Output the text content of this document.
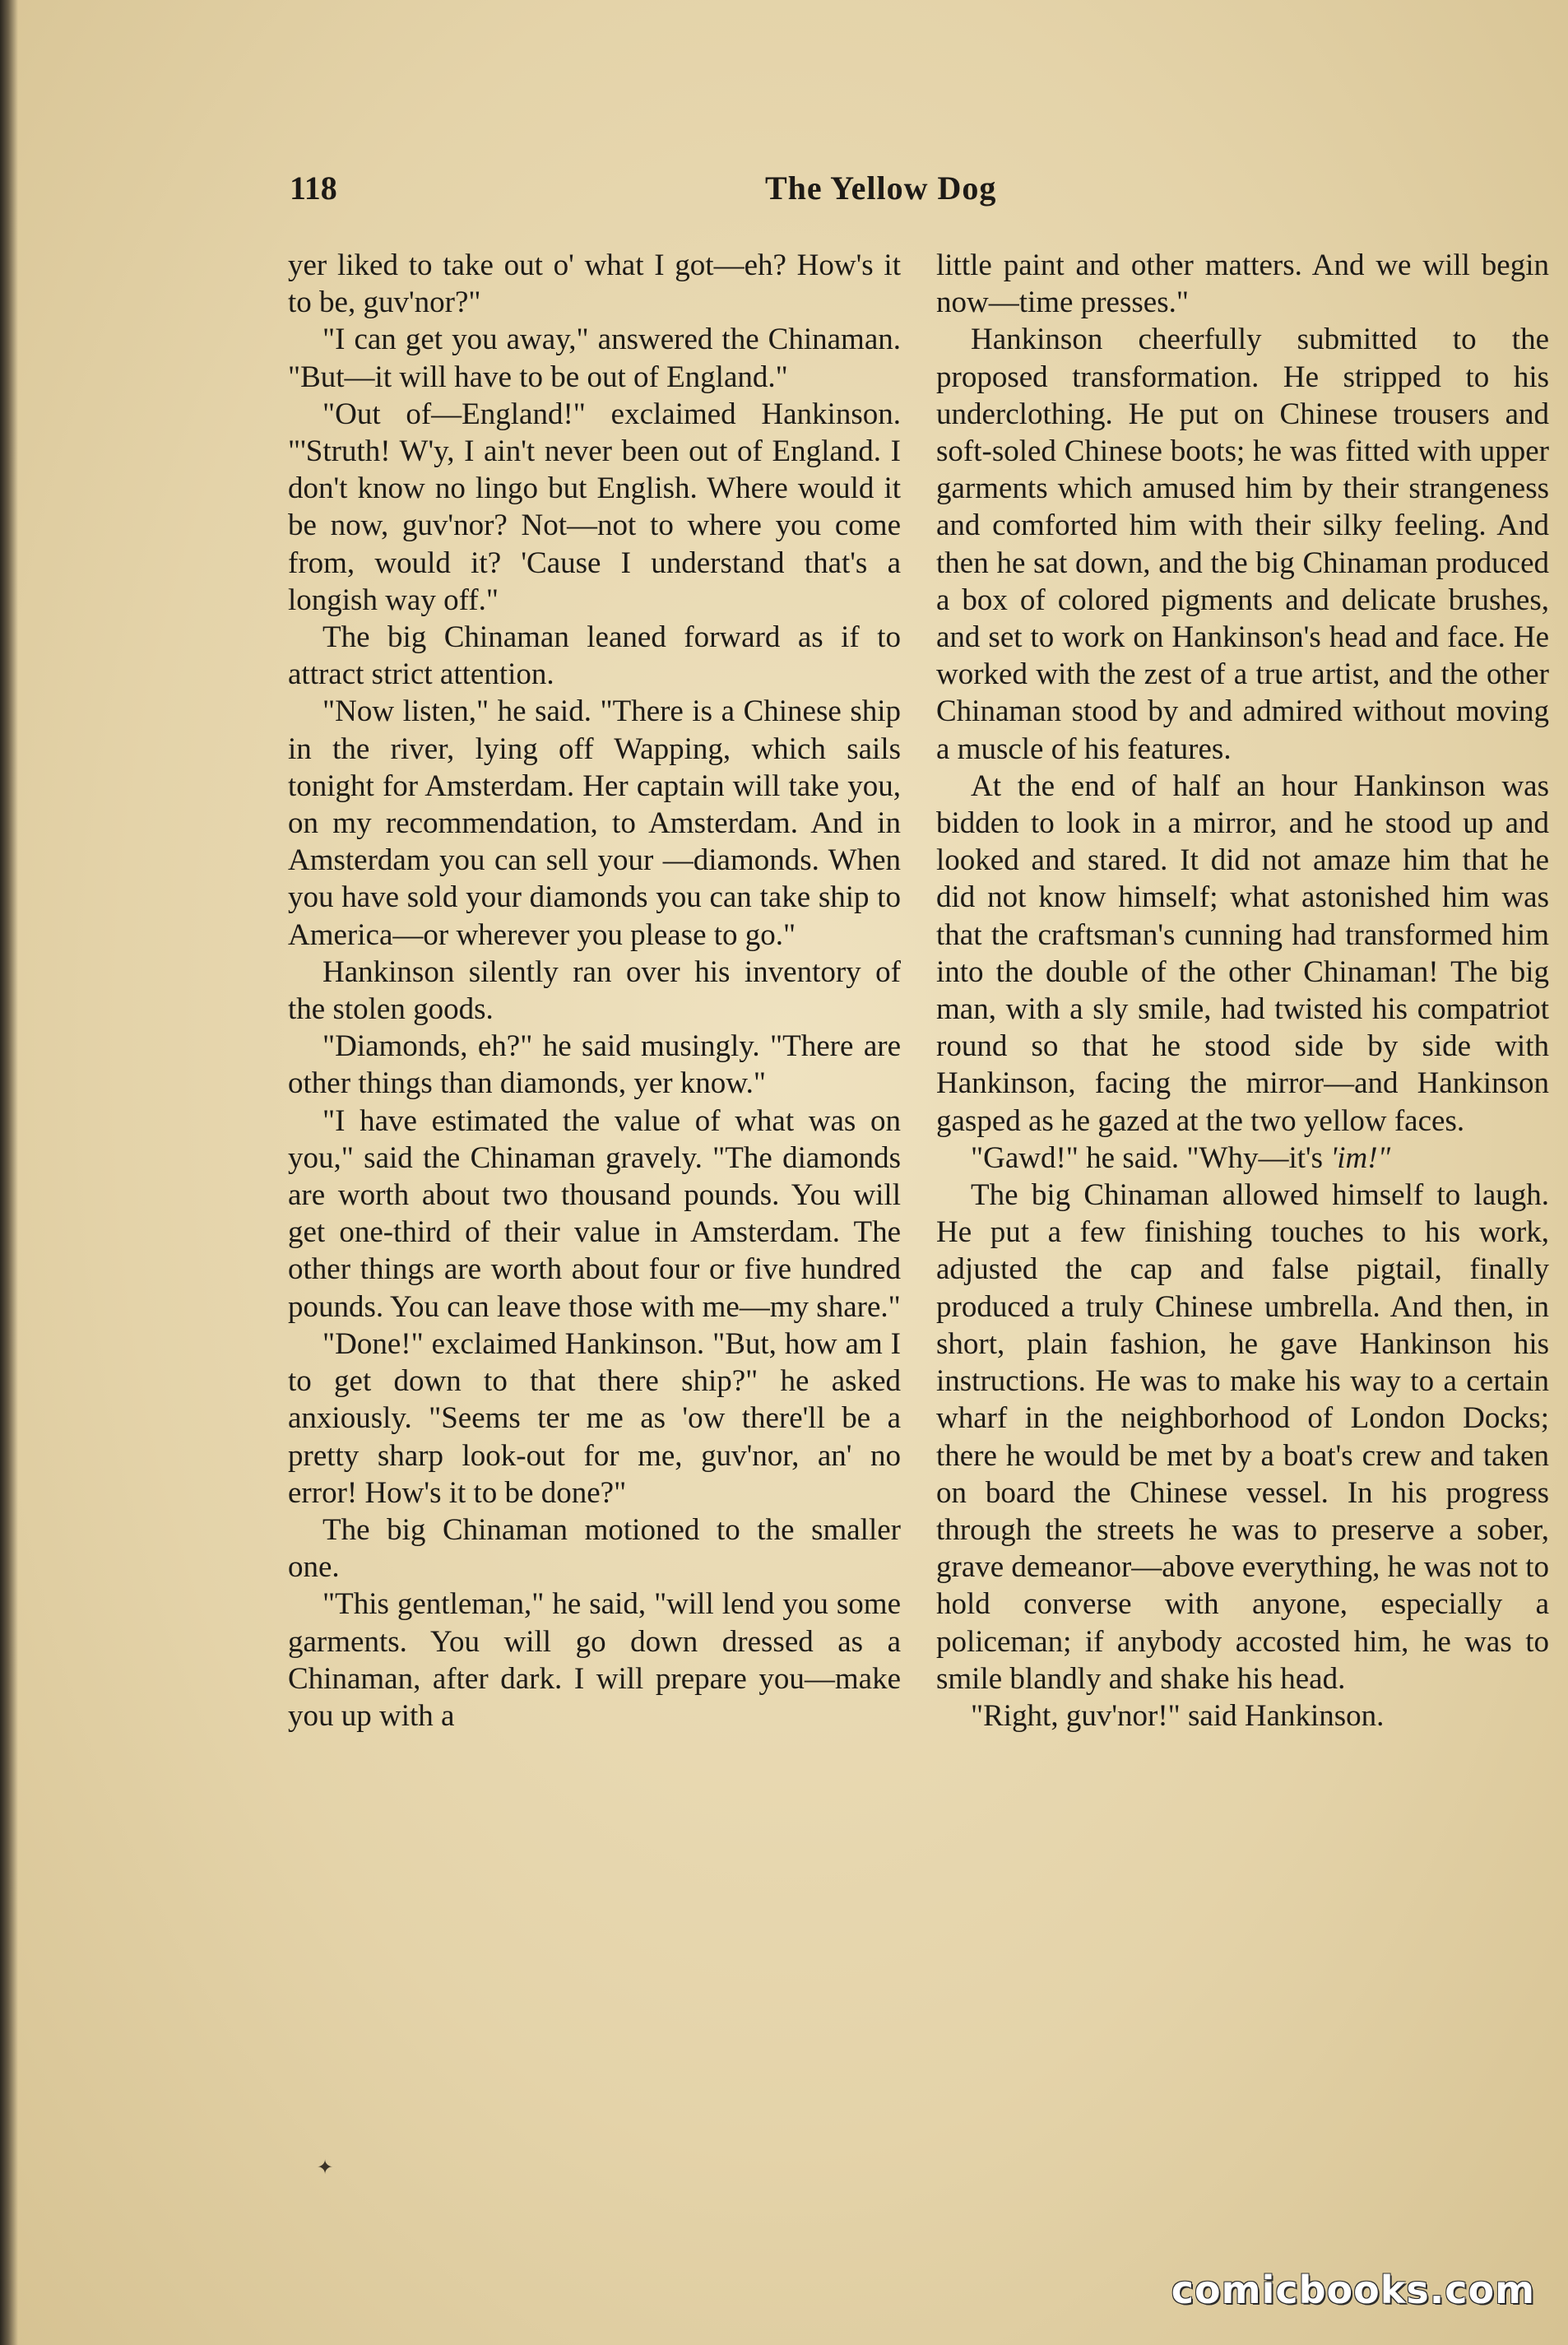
118	The Yellow Dog

yer liked to take out o' what I got—eh? How's it to be, guv'nor?"

"I can get you away," answered the Chinaman. "But—it will have to be out of England."

"Out of—England!" exclaimed Hankinson. "'Struth! W'y, I ain't never been out of England. I don't know no lingo but English. Where would it be now, guv'nor? Not—not to where you come from, would it? 'Cause I understand that's a longish way off."

The big Chinaman leaned forward as if to attract strict attention.

"Now listen," he said. "There is a Chinese ship in the river, lying off Wapping, which sails tonight for Amsterdam. Her captain will take you, on my recommendation, to Amsterdam. And in Amsterdam you can sell your —diamonds. When you have sold your diamonds you can take ship to America—or wherever you please to go."

Hankinson silently ran over his inventory of the stolen goods.

"Diamonds, eh?" he said musingly. "There are other things than diamonds, yer know."

"I have estimated the value of what was on you," said the Chinaman gravely. "The diamonds are worth about two thousand pounds. You will get one-third of their value in Amsterdam. The other things are worth about four or five hundred pounds. You can leave those with me—my share."

"Done!" exclaimed Hankinson. "But, how am I to get down to that there ship?" he asked anxiously. "Seems ter me as 'ow there'll be a pretty sharp look-out for me, guv'nor, an' no error! How's it to be done?"

The big Chinaman motioned to the smaller one.

"This gentleman," he said, "will lend you some garments. You will go down dressed as a Chinaman, after dark. I will prepare you—make you up with a

little paint and other matters. And we will begin now—time presses."

Hankinson cheerfully submitted to the proposed transformation. He stripped to his underclothing. He put on Chinese trousers and soft-soled Chinese boots; he was fitted with upper garments which amused him by their strangeness and comforted him with their silky feeling. And then he sat down, and the big Chinaman produced a box of colored pigments and delicate brushes, and set to work on Hankinson's head and face. He worked with the zest of a true artist, and the other Chinaman stood by and admired without moving a muscle of his features.

At the end of half an hour Hankinson was bidden to look in a mirror, and he stood up and looked and stared. It did not amaze him that he did not know himself; what astonished him was that the craftsman's cunning had transformed him into the double of the other Chinaman! The big man, with a sly smile, had twisted his compatriot round so that he stood side by side with Hankinson, facing the mirror—and Hankinson gasped as he gazed at the two yellow faces.

"Gawd!" he said. "Why—it's 'im!"

The big Chinaman allowed himself to laugh. He put a few finishing touches to his work, adjusted the cap and false pigtail, finally produced a truly Chinese umbrella. And then, in short, plain fashion, he gave Hankinson his instructions. He was to make his way to a certain wharf in the neighborhood of London Docks; there he would be met by a boat's crew and taken on board the Chinese vessel. In his progress through the streets he was to preserve a sober, grave demeanor—above everything, he was not to hold converse with anyone, especially a policeman; if anybody accosted him, he was to smile blandly and shake his head.

"Right, guv'nor!" said Hankinson.

✦
comicbooks.com
